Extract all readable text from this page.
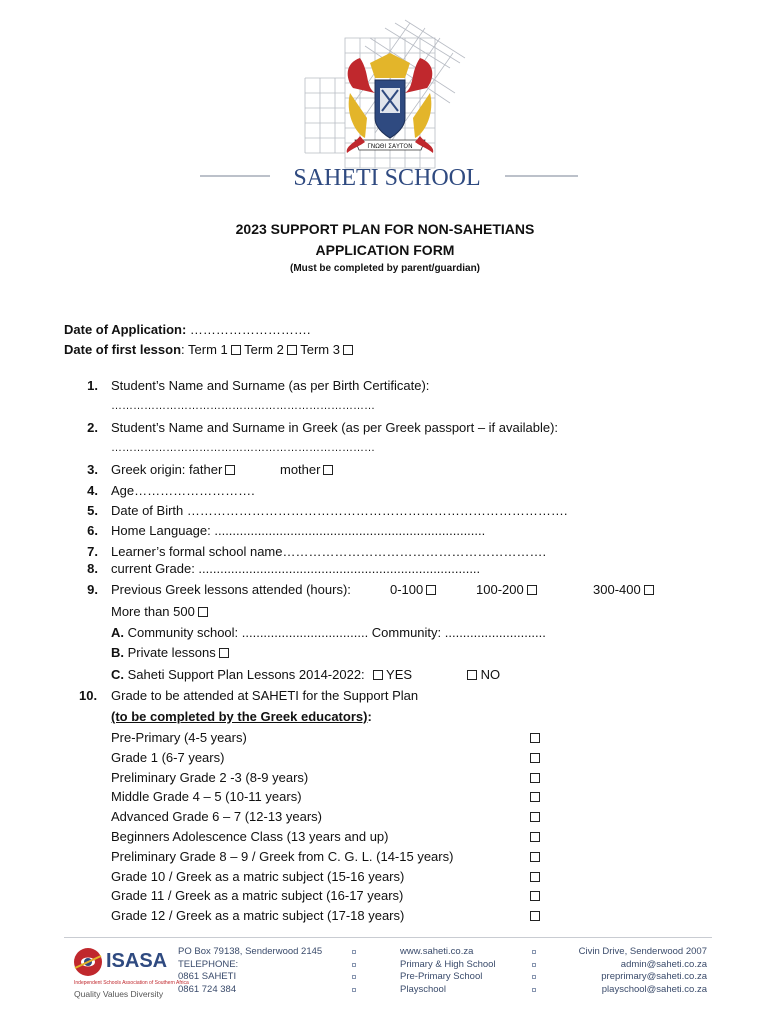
ΓΝΩΘΙ ΣΑΥΤΟΝ
SAHETI SCHOOL
2023 SUPPORT PLAN FOR NON-SAHETIANS
APPLICATION FORM
(Must be completed by parent/guardian)
Date of Application: ……………………….
Date of first lesson: Term 1 Term 2 Term 3
1. Student’s Name and Surname (as per Birth Certificate):
………………………………………………………………
2. Student’s Name and Surname in Greek (as per Greek passport – if available):
………………………………………………………………
3. Greek origin: father	mother
4. Age……………………….
5. Date of Birth …………………………………………………………………………….
6. Home Language: ...........................................................................
7. Learner’s formal school name…………………………………………………….
8. current Grade: ..............................................................................
9. Previous Greek lessons attended (hours):	0-100	100-200	300-400
More than 500
A. Community school: ................................... Community: ............................
B. Private lessons
C. Saheti Support Plan Lessons 2014-2022: YES	NO
10.	Grade to be attended at SAHETI for the Support Plan
(to be completed by the Greek educators):
Pre-Primary (4-5 years)
Grade 1 (6-7 years)
Preliminary Grade 2 -3 (8-9 years)
Middle Grade 4 – 5 (10-11 years)
Advanced Grade 6 – 7 (12-13 years)
Beginners Adolescence Class (13 years and up)
Preliminary Grade 8 – 9 / Greek from C. G. L. (14-15 years)
Grade 10 / Greek as a matric subject (15-16 years)
Grade 11 / Greek as a matric subject (16-17 years)
Grade 12 / Greek as a matric subject (17-18 years)
ISASA
Independent Schools Association of Southern Africa
Quality Values Diversity
PO Box 79138, Senderwood 2145
TELEPHONE:
0861 SAHETI
0861 724 384
www.saheti.co.za
Primary & High School
Pre-Primary School
Playschool
Civin Drive, Senderwood 2007
admin@saheti.co.za
preprimary@saheti.co.za
playschool@saheti.co.za
